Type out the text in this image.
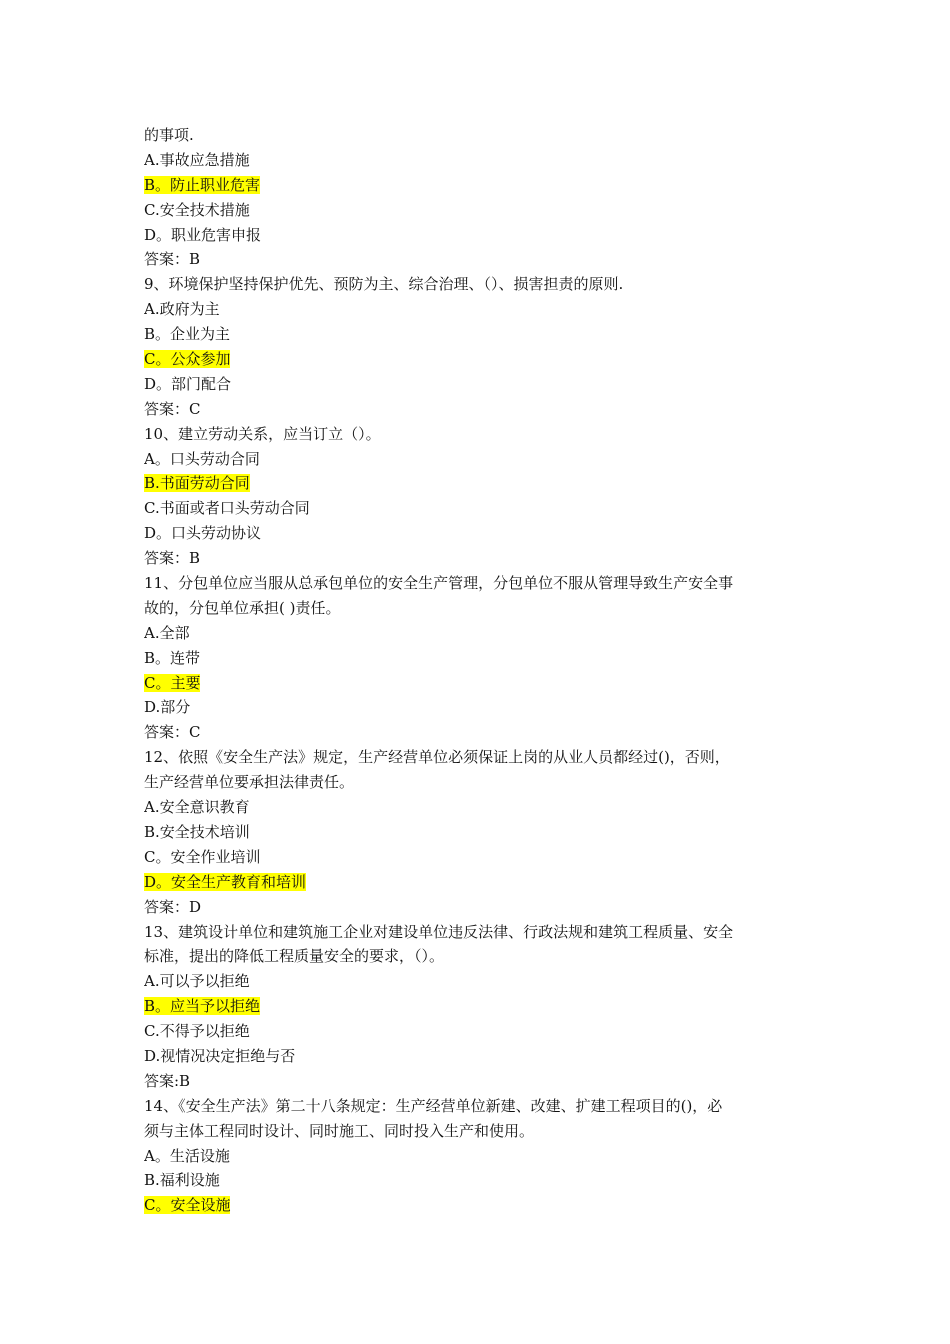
的事项.
A.事故应急措施
B。防止职业危害
C.安全技术措施
D。职业危害申报
答案：B
9、环境保护坚持保护优先、预防为主、综合治理、（）、损害担责的原则.
A.政府为主
B。企业为主
C。公众参加
D。部门配合
答案：C
10、建立劳动关系，应当订立（）。
A。口头劳动合同
B.书面劳动合同
C.书面或者口头劳动合同
D。口头劳动协议
答案：B
11、分包单位应当服从总承包单位的安全生产管理，分包单位不服从管理导致生产安全事
故的，分包单位承担( )责任。
A.全部
B。连带
C。主要
D.部分
答案：C
12、依照《安全生产法》规定，生产经营单位必须保证上岗的从业人员都经过()，否则，
生产经营单位要承担法律责任。
A.安全意识教育
B.安全技术培训
C。安全作业培训
D。安全生产教育和培训
答案：D
13、建筑设计单位和建筑施工企业对建设单位违反法律、行政法规和建筑工程质量、安全
标准，提出的降低工程质量安全的要求，（）。
A.可以予以拒绝
B。应当予以拒绝
C.不得予以拒绝
D.视情况决定拒绝与否
答案:B
14、《安全生产法》第二十八条规定：生产经营单位新建、改建、扩建工程项目的()，必
须与主体工程同时设计、同时施工、同时投入生产和使用。
A。生活设施
B.福利设施
C。安全设施
